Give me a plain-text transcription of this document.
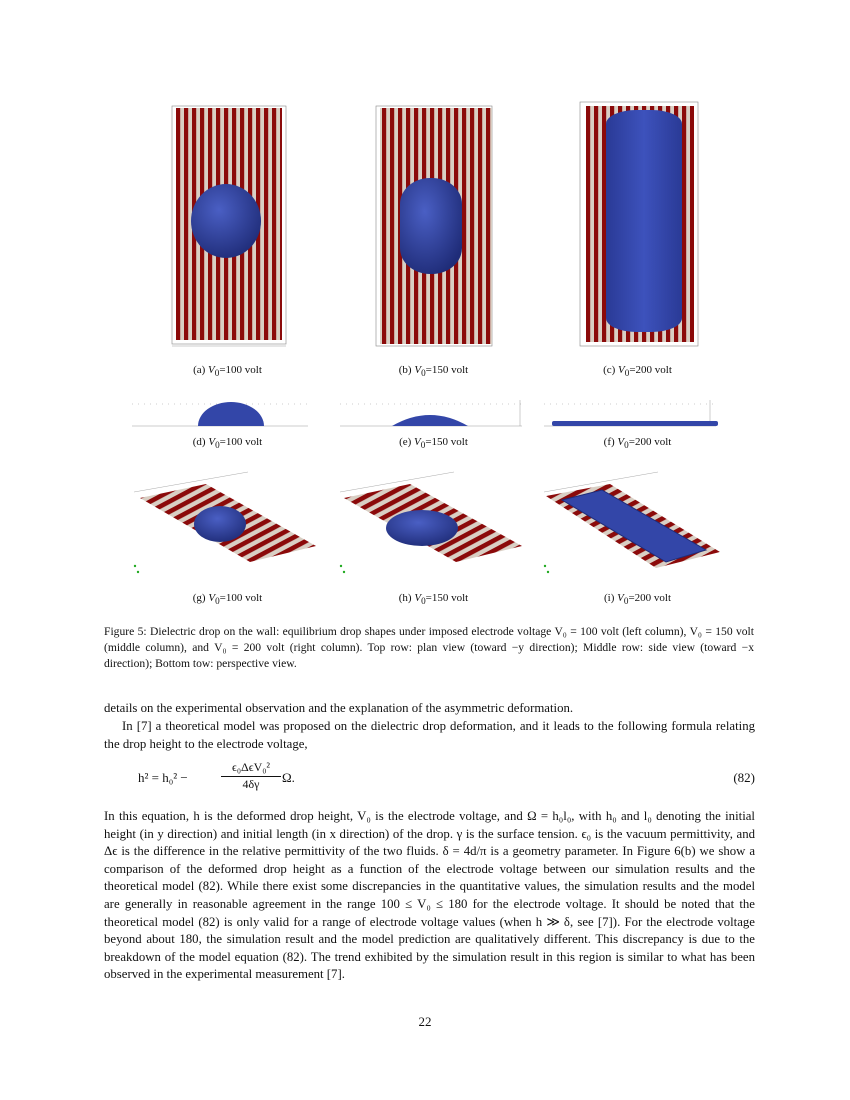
(a) $V_0=100$ volt	(b) $V_0=150$ volt	(c) $V_0=200$ volt
(d) $V_0=100$ volt	(e) $V_0=150$ volt	(f) $V_0=200$ volt
(g) $V_0=100$ volt	(h) $V_0=150$ volt	(i) $V_0=200$ volt
Figure 5: Dielectric drop on the wall: equilibrium drop shapes under imposed electrode voltage V₀ = 100 volt (left column), V₀ = 150 volt (middle column), and V₀ = 200 volt (right column). Top row: plan view (toward −y direction); Middle row: side view (toward −x direction); Bottom tow: perspective view.
details on the experimental observation and the explanation of the asymmetric deformation.
In [7] a theoretical model was proposed on the dielectric drop deformation, and it leads to the following formula relating the drop height to the electrode voltage,
h² = h₀² −
ϵ₀ΔϵV₀²
4δγ	Ω.	(82)
In this equation, h is the deformed drop height, V₀ is the electrode voltage, and Ω = h₀l₀, with h₀ and l₀ denoting the initial height (in y direction) and initial length (in x direction) of the drop. γ is the surface tension. ϵ₀ is the vacuum permittivity, and Δϵ is the difference in the relative permittivity of the two fluids. δ = 4d/π is a geometry parameter. In Figure 6(b) we show a comparison of the deformed drop height as a function of the electrode voltage between our simulation results and the theoretical model (82). While there exist some discrepancies in the quantitative values, the simulation results and the model are generally in reasonable agreement in the range 100 ≤ V₀ ≤ 180 for the electrode voltage. It should be noted that the theoretical model (82) is only valid for a range of electrode voltage values (when h ≫ δ, see [7]). For the electrode voltage beyond about 180, the simulation result and the model prediction are qualitatively different. This discrepancy is due to the breakdown of the model equation (82). The trend exhibited by the simulation result in this region is similar to what has been observed in the experimental measurement [7].
22
